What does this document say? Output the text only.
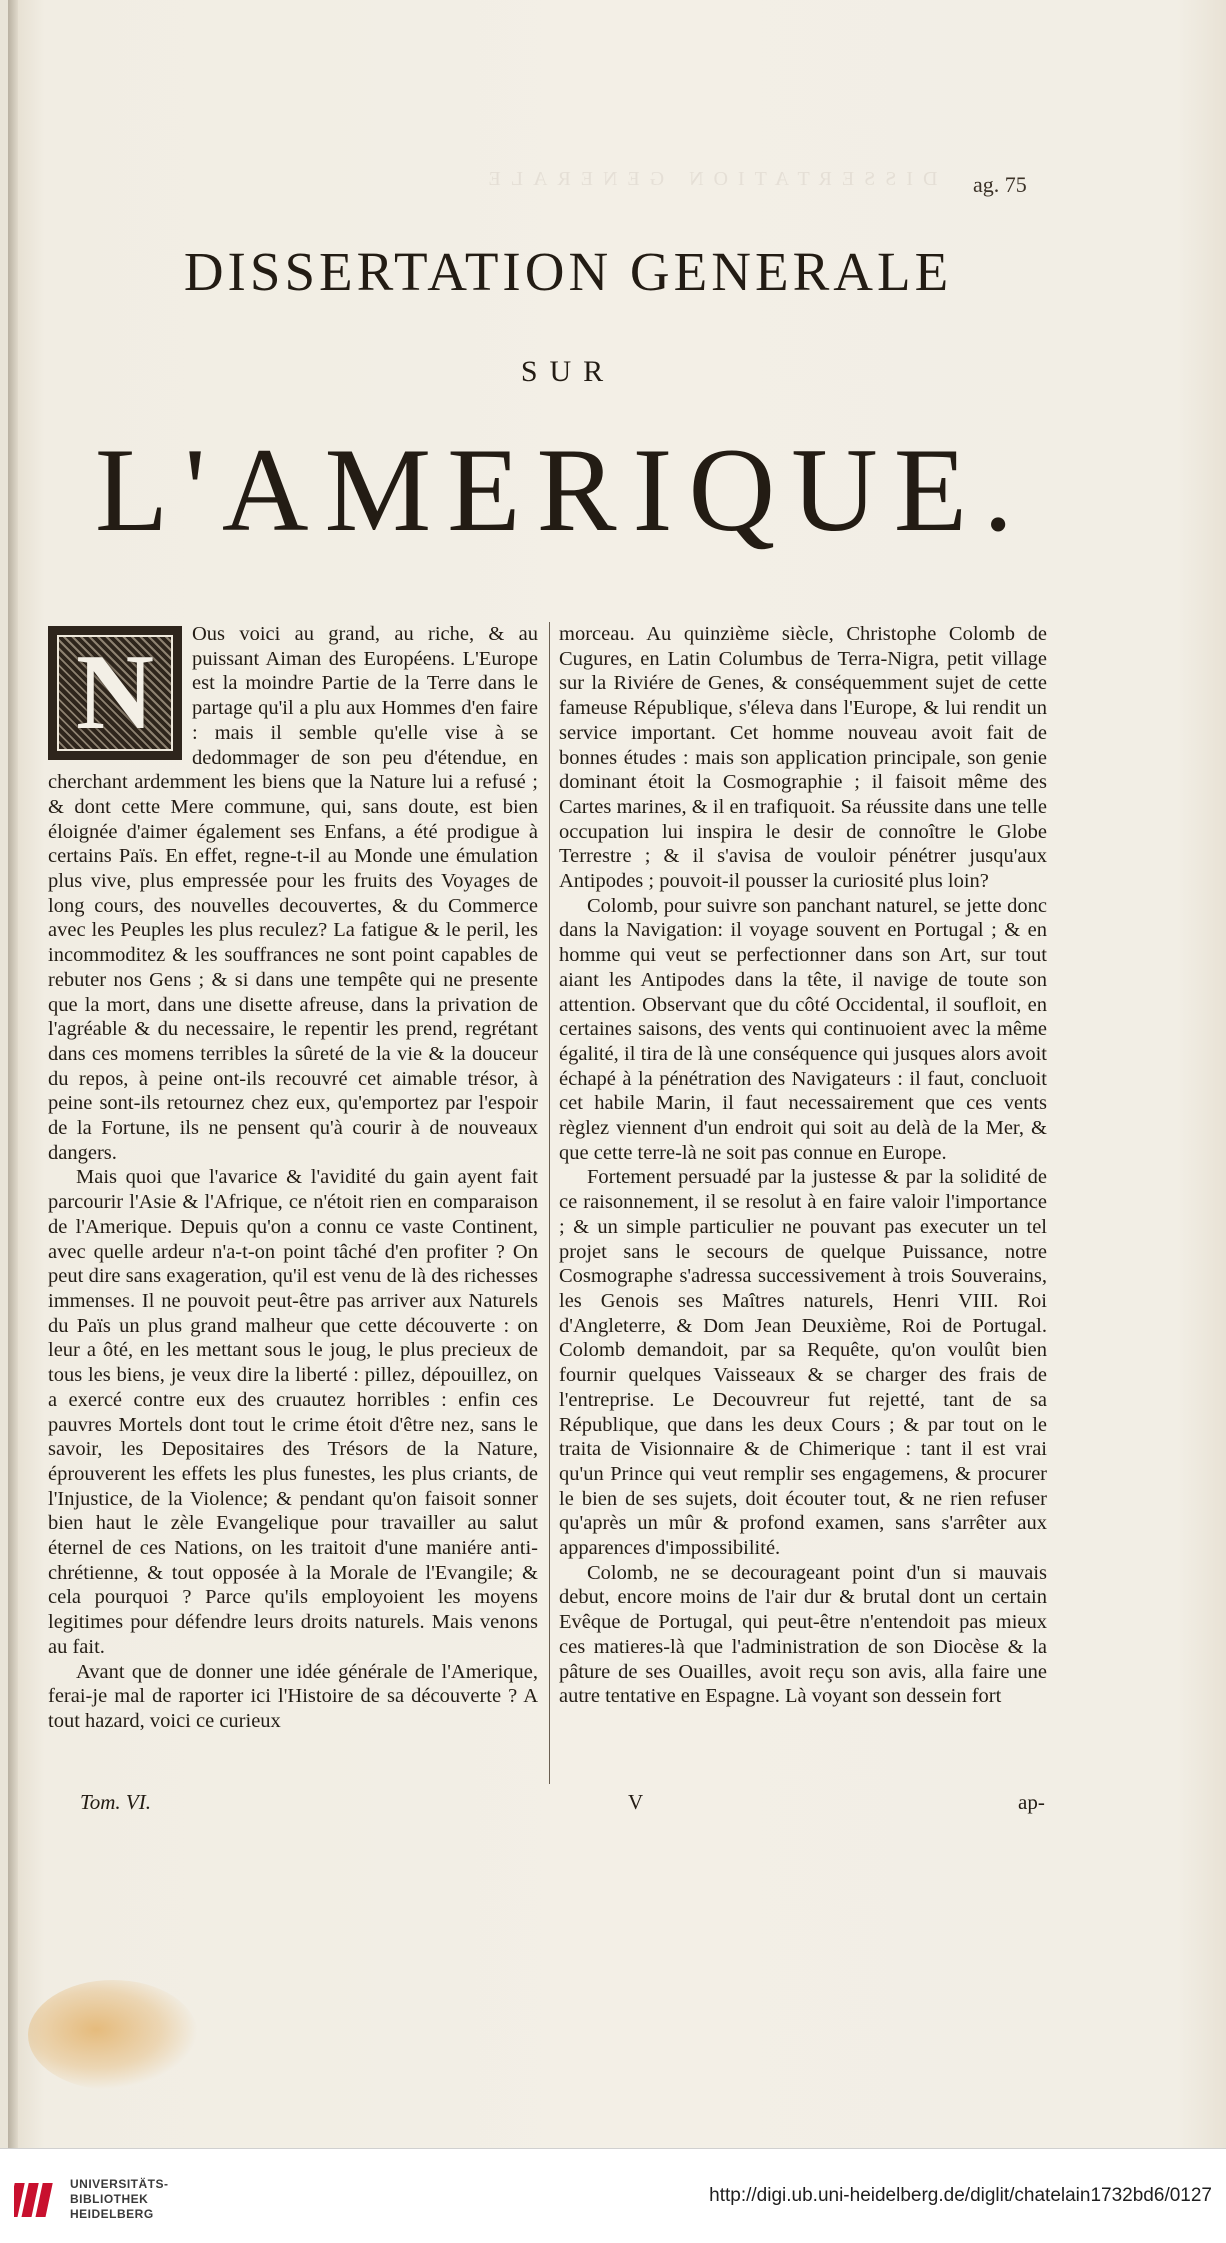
DISSERTATION GENERALE	ag. 75
DISSERTATION GENERALE
SUR
L'AMERIQUE.
N	Ous voici au grand, au riche, & au puissant Aiman des Européens. L'Europe est la moindre Partie de la Terre dans le partage qu'il a plu aux Hommes d'en faire : mais il semble qu'elle vise à se dedommager de son peu d'étendue, en cherchant ardemment les biens que la Nature lui a refusé ; & dont cette Mere commune, qui, sans doute, est bien éloignée d'aimer également ses Enfans, a été prodigue à certains Païs. En effet, regne-t-il au Monde une émulation plus vive, plus empressée pour les fruits des Voyages de long cours, des nouvelles decouvertes, & du Commerce avec les Peuples les plus reculez? La fatigue & le peril, les incommoditez & les souffrances ne sont point capables de rebuter nos Gens ; & si dans une tempête qui ne presente que la mort, dans une disette afreuse, dans la privation de l'agréable & du necessaire, le repentir les prend, regrétant dans ces momens terribles la sûreté de la vie & la douceur du repos, à peine ont-ils recouvré cet aimable trésor, à peine sont-ils retournez chez eux, qu'emportez par l'espoir de la Fortune, ils ne pensent qu'à courir à de nouveaux dangers.

Mais quoi que l'avarice & l'avidité du gain ayent fait parcourir l'Asie & l'Afrique, ce n'étoit rien en comparaison de l'Amerique. Depuis qu'on a connu ce vaste Continent, avec quelle ardeur n'a-t-on point tâché d'en profiter ? On peut dire sans exageration, qu'il est venu de là des richesses immenses. Il ne pouvoit peut-être pas arriver aux Naturels du Païs un plus grand malheur que cette découverte : on leur a ôté, en les mettant sous le joug, le plus precieux de tous les biens, je veux dire la liberté : pillez, dépouillez, on a exercé contre eux des cruautez horribles : enfin ces pauvres Mortels dont tout le crime étoit d'être nez, sans le savoir, les Depositaires des Trésors de la Nature, éprouverent les effets les plus funestes, les plus criants, de l'Injustice, de la Violence; & pendant qu'on faisoit sonner bien haut le zèle Evangelique pour travailler au salut éternel de ces Nations, on les traitoit d'une maniére anti-chrétienne, & tout opposée à la Morale de l'Evangile; & cela pourquoi ? Parce qu'ils employoient les moyens legitimes pour défendre leurs droits naturels. Mais venons au fait.

Avant que de donner une idée générale de l'Amerique, ferai-je mal de raporter ici l'Histoire de sa découverte ? A tout hazard, voici ce curieux

morceau. Au quinzième siècle, Christophe Colomb de Cugures, en Latin Columbus de Terra-Nigra, petit village sur la Riviére de Genes, & conséquemment sujet de cette fameuse République, s'éleva dans l'Europe, & lui rendit un service important. Cet homme nouveau avoit fait de bonnes études : mais son application principale, son genie dominant étoit la Cosmographie ; il faisoit même des Cartes marines, & il en trafiquoit. Sa réussite dans une telle occupation lui inspira le desir de connoître le Globe Terrestre ; & il s'avisa de vouloir pénétrer jusqu'aux Antipodes ; pouvoit-il pousser la curiosité plus loin?

Colomb, pour suivre son panchant naturel, se jette donc dans la Navigation: il voyage souvent en Portugal ; & en homme qui veut se perfectionner dans son Art, sur tout aiant les Antipodes dans la tête, il navige de toute son attention. Observant que du côté Occidental, il soufloit, en certaines saisons, des vents qui continuoient avec la même égalité, il tira de là une conséquence qui jusques alors avoit échapé à la pénétration des Navigateurs : il faut, concluoit cet habile Marin, il faut necessairement que ces vents règlez viennent d'un endroit qui soit au delà de la Mer, & que cette terre-là ne soit pas connue en Europe.

Fortement persuadé par la justesse & par la solidité de ce raisonnement, il se resolut à en faire valoir l'importance ; & un simple particulier ne pouvant pas executer un tel projet sans le secours de quelque Puissance, notre Cosmographe s'adressa successivement à trois Souverains, les Genois ses Maîtres naturels, Henri VIII. Roi d'Angleterre, & Dom Jean Deuxième, Roi de Portugal. Colomb demandoit, par sa Requête, qu'on voulût bien fournir quelques Vaisseaux & se charger des frais de l'entreprise. Le Decouvreur fut rejetté, tant de sa République, que dans les deux Cours ; & par tout on le traita de Visionnaire & de Chimerique : tant il est vrai qu'un Prince qui veut remplir ses engagemens, & procurer le bien de ses sujets, doit écouter tout, & ne rien refuser qu'après un mûr & profond examen, sans s'arrêter aux apparences d'impossibilité.

Colomb, ne se decourageant point d'un si mauvais debut, encore moins de l'air dur & brutal dont un certain Evêque de Portugal, qui peut-être n'entendoit pas mieux ces matieres-là que l'administration de son Diocèse & la pâture de ses Ouailles, avoit reçu son avis, alla faire une autre tentative en Espagne. Là voyant son dessein fort

Tom. VI.	V	ap-
UNIVERSITÄTS-
BIBLIOTHEK
HEIDELBERG
http://digi.ub.uni-heidelberg.de/diglit/chatelain1732bd6/0127
